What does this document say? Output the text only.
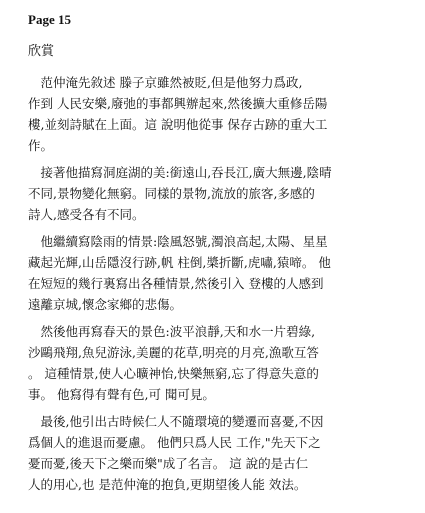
Page 15
欣賞
　范仲淹先敘述 滕子京雖然被貶,但是他努力爲政,
作到 人民安樂,廢弛的事都興辦起來,然後擴大重修岳陽
樓,並刻詩賦在上面。這 說明他從事 保存古跡的重大工
作。
　接著他描寫洞庭湖的美:銜遠山,吞長江,廣大無邊,陰晴
不同,景物變化無窮。同樣的景物,流放的旅客,多感的
詩人,感受各有不同。
　他繼續寫陰雨的情景:陰風怒號,濁浪高起,太陽、星星
藏起光輝,山岳隱沒行跡,帆 柱倒,槳折斷,虎嘯,猿啼。 他
在短短的幾行裏寫出各種情景,然後引入 登樓的人感到
遠離京城,懷念家鄉的悲傷。
　然後他再寫春天的景色:波平浪靜,天和水一片碧綠,
沙鷗飛翔,魚兒游泳,美麗的花草,明亮的月亮,漁歌互答
。 這種情景,使人心曠神怡,快樂無窮,忘了得意失意的
事。 他寫得有聲有色,可 聞可見。
　最後,他引出古時候仁人不隨環境的變遷而喜憂,不因
爲個人的進退而憂慮。 他們只爲人民 工作,"先天下之
憂而憂,後天下之樂而樂"成了名言。 這 說的是古仁
人的用心,也 是范仲淹的抱負,更期望後人能 效法。
